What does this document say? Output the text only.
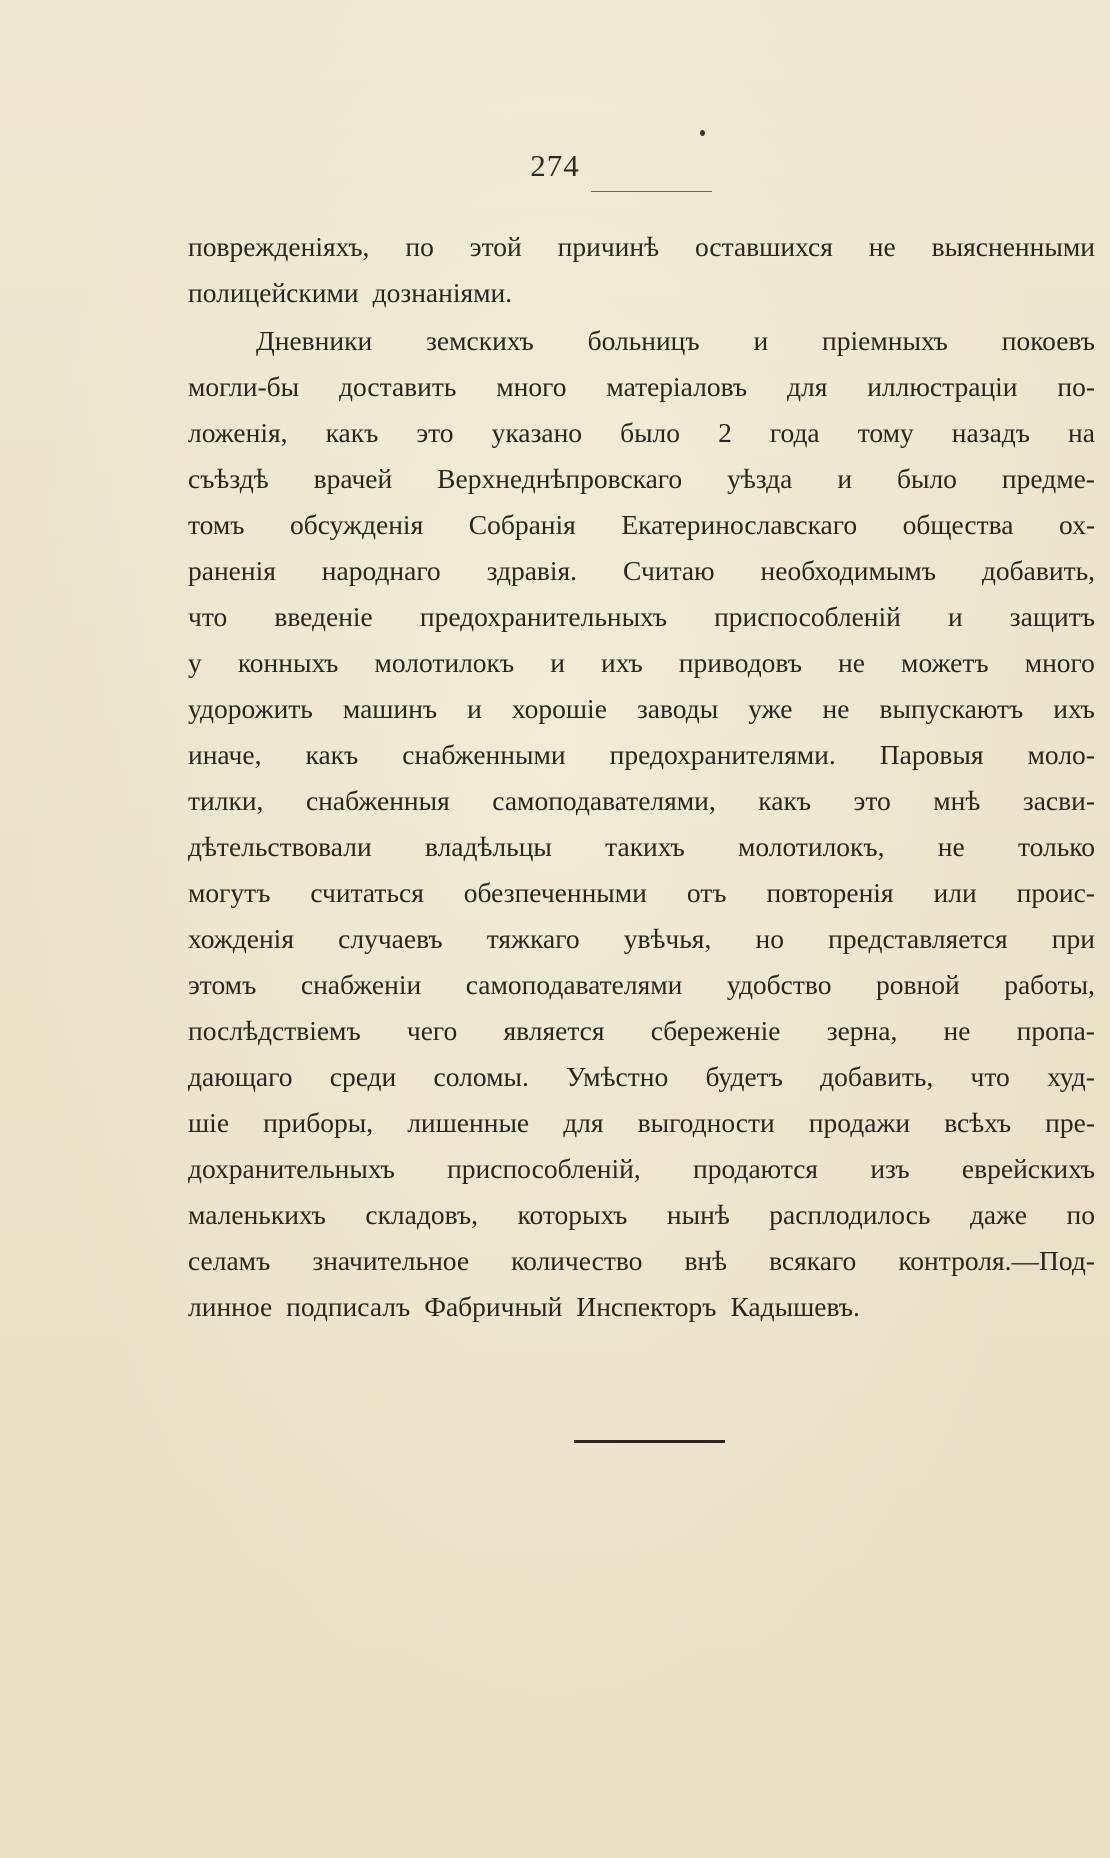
274
поврежденiяхъ, по этой причинѣ оставшихся не выясненными
полицейскими дознанiями.
Дневники земскихъ больницъ и прiемныхъ покоевъ
могли-бы доставить много матерiаловъ для иллюстрацiи по-
ложенiя, какъ это указано было 2 года тому назадъ на
съѣздѣ врачей Верхнеднѣпровскаго уѣзда и было предме-
томъ обсужденiя Собранiя Екатеринославскаго общества ох-
раненiя народнаго здравiя. Считаю необходимымъ добавить,
что введенiе предохранительныхъ приспособленiй и защитъ
у конныхъ молотилокъ и ихъ приводовъ не можетъ много
удорожить машинъ и хорошiе заводы уже не выпускаютъ ихъ
иначе, какъ снабженными предохранителями. Паровыя моло-
тилки, снабженныя самоподавателями, какъ это мнѣ засви-
дѣтельствовали владѣльцы такихъ молотилокъ, не только
могутъ считаться обезпеченными отъ повторенiя или проис-
хожденiя случаевъ тяжкаго увѣчья, но представляется при
этомъ снабженiи самоподавателями удобство ровной работы,
послѣдствiемъ чего является сбереженiе зерна, не пропа-
дающаго среди соломы. Умѣстно будетъ добавить, что худ-
шiе приборы, лишенные для выгодности продажи всѣхъ пре-
дохранительныхъ приспособленiй, продаются изъ еврейскихъ
маленькихъ складовъ, которыхъ нынѣ расплодилось даже по
селамъ значительное количество внѣ всякаго контроля.—Под-
линное подписалъ Фабричный Инспекторъ Кадышевъ.
